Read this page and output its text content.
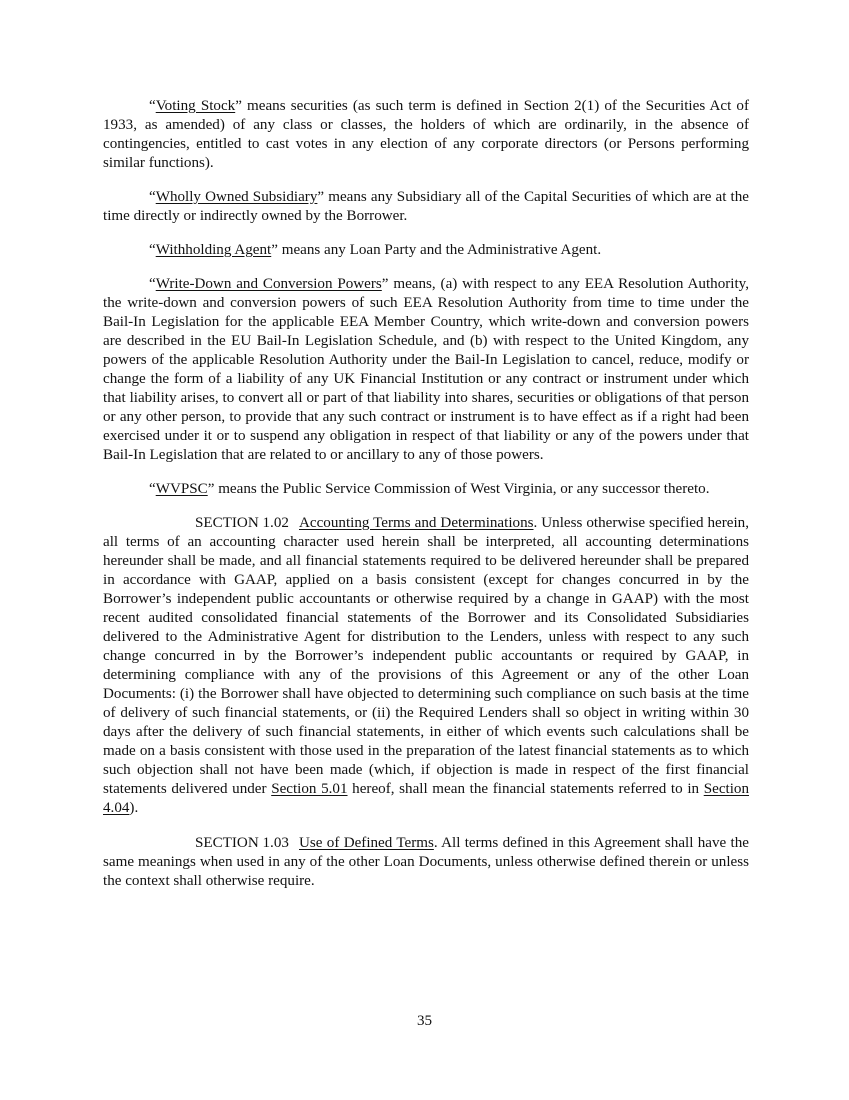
“Voting Stock” means securities (as such term is defined in Section 2(1) of the Securities Act of 1933, as amended) of any class or classes, the holders of which are ordinarily, in the absence of contingencies, entitled to cast votes in any election of any corporate directors (or Persons performing similar functions).

“Wholly Owned Subsidiary” means any Subsidiary all of the Capital Securities of which are at the time directly or indirectly owned by the Borrower.

“Withholding Agent” means any Loan Party and the Administrative Agent.

“Write-Down and Conversion Powers” means, (a) with respect to any EEA Resolution Authority, the write-down and conversion powers of such EEA Resolution Authority from time to time under the Bail-In Legislation for the applicable EEA Member Country, which write-down and conversion powers are described in the EU Bail-In Legislation Schedule, and (b) with respect to the United Kingdom, any powers of the applicable Resolution Authority under the Bail-In Legislation to cancel, reduce, modify or change the form of a liability of any UK Financial Institution or any contract or instrument under which that liability arises, to convert all or part of that liability into shares, securities or obligations of that person or any other person, to provide that any such contract or instrument is to have effect as if a right had been exercised under it or to suspend any obligation in respect of that liability or any of the powers under that Bail-In Legislation that are related to or ancillary to any of those powers.

“WVPSC” means the Public Service Commission of West Virginia, or any successor thereto.

SECTION 1.02 Accounting Terms and Determinations. Unless otherwise specified herein, all terms of an accounting character used herein shall be interpreted, all accounting determinations hereunder shall be made, and all financial statements required to be delivered hereunder shall be prepared in accordance with GAAP, applied on a basis consistent (except for changes concurred in by the Borrower’s independent public accountants or otherwise required by a change in GAAP) with the most recent audited consolidated financial statements of the Borrower and its Consolidated Subsidiaries delivered to the Administrative Agent for distribution to the Lenders, unless with respect to any such change concurred in by the Borrower’s independent public accountants or required by GAAP, in determining compliance with any of the provisions of this Agreement or any of the other Loan Documents: (i) the Borrower shall have objected to determining such compliance on such basis at the time of delivery of such financial statements, or (ii) the Required Lenders shall so object in writing within 30 days after the delivery of such financial statements, in either of which events such calculations shall be made on a basis consistent with those used in the preparation of the latest financial statements as to which such objection shall not have been made (which, if objection is made in respect of the first financial statements delivered under Section 5.01 hereof, shall mean the financial statements referred to in Section 4.04).

SECTION 1.03 Use of Defined Terms. All terms defined in this Agreement shall have the same meanings when used in any of the other Loan Documents, unless otherwise defined therein or unless the context shall otherwise require.

35
